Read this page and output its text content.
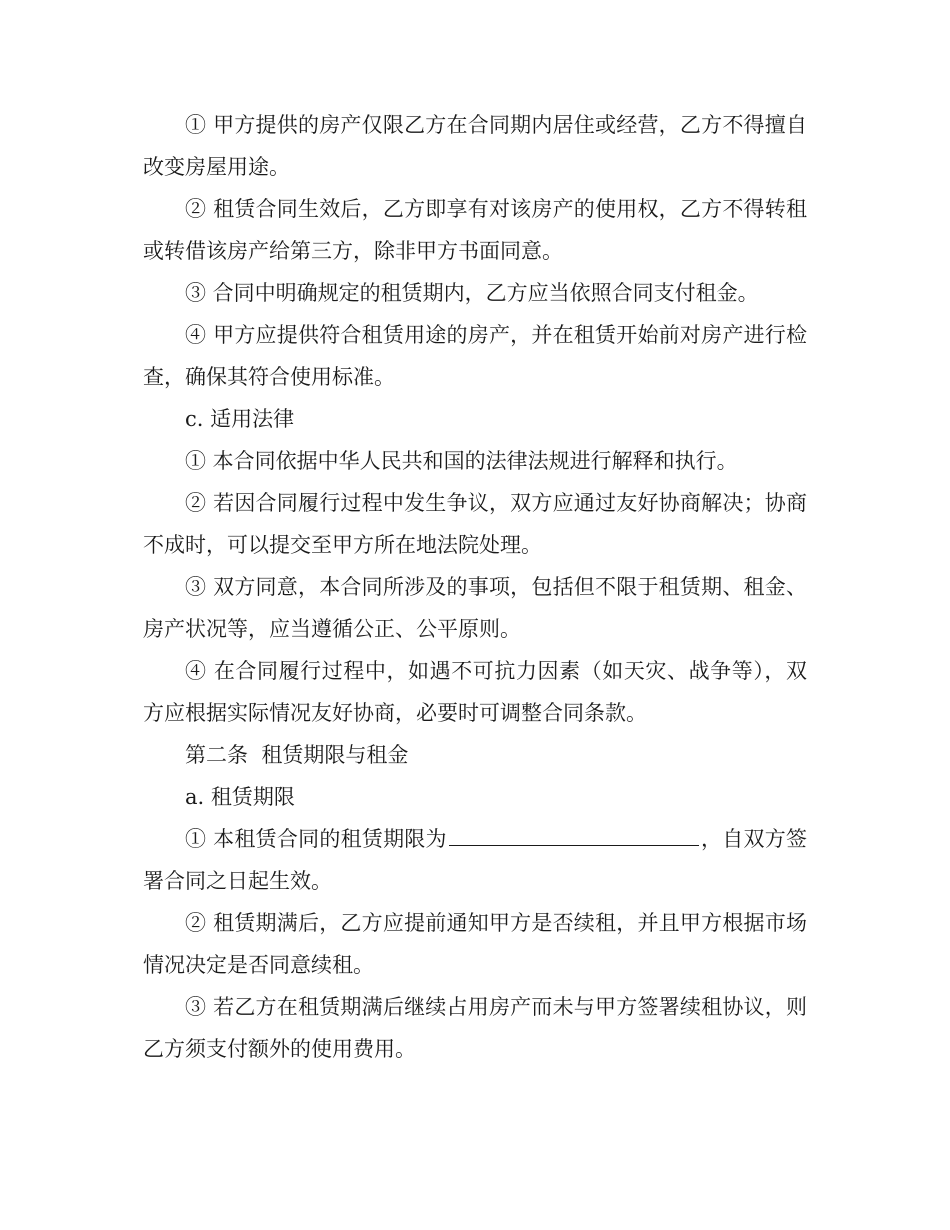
① 甲方提供的房产仅限乙方在合同期内居住或经营，乙方不得擅自改变房屋用途。

② 租赁合同生效后，乙方即享有对该房产的使用权，乙方不得转租或转借该房产给第三方，除非甲方书面同意。

③ 合同中明确规定的租赁期内，乙方应当依照合同支付租金。

④ 甲方应提供符合租赁用途的房产，并在租赁开始前对房产进行检查，确保其符合使用标准。

c. 适用法律

① 本合同依据中华人民共和国的法律法规进行解释和执行。

② 若因合同履行过程中发生争议，双方应通过友好协商解决；协商不成时，可以提交至甲方所在地法院处理。

③ 双方同意，本合同所涉及的事项，包括但不限于租赁期、租金、房产状况等，应当遵循公正、公平原则。

④ 在合同履行过程中，如遇不可抗力因素（如天灾、战争等），双方应根据实际情况友好协商，必要时可调整合同条款。

第二条  租赁期限与租金

a. 租赁期限

① 本租赁合同的租赁期限为	，自双方签署合同之日起生效。

② 租赁期满后，乙方应提前通知甲方是否续租，并且甲方根据市场情况决定是否同意续租。

③ 若乙方在租赁期满后继续占用房产而未与甲方签署续租协议，则乙方须支付额外的使用费用。
